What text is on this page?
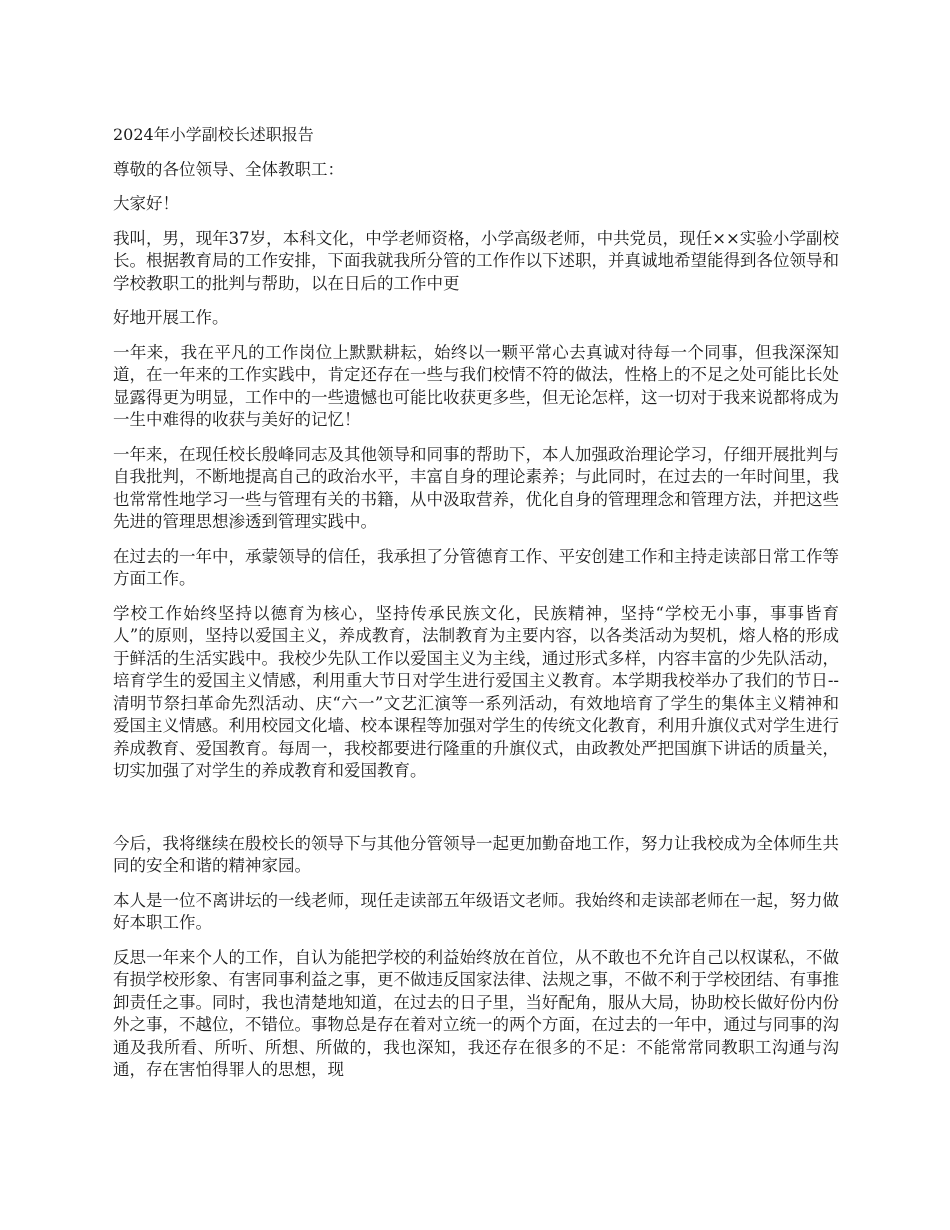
2024年小学副校长述职报告

尊敬的各位领导、全体教职工：

大家好！

我叫，男，现年37岁，本科文化，中学老师资格，小学高级老师，中共党员，现任××实验小学副校长。根据教育局的工作安排，下面我就我所分管的工作作以下述职，并真诚地希望能得到各位领导和学校教职工的批判与帮助，以在日后的工作中更

好地开展工作。

一年来，我在平凡的工作岗位上默默耕耘，始终以一颗平常心去真诚对待每一个同事，但我深深知道，在一年来的工作实践中，肯定还存在一些与我们校情不符的做法，性格上的不足之处可能比长处显露得更为明显，工作中的一些遗憾也可能比收获更多些，但无论怎样，这一切对于我来说都将成为一生中难得的收获与美好的记忆！

一年来，在现任校长殷峰同志及其他领导和同事的帮助下，本人加强政治理论学习，仔细开展批判与自我批判，不断地提高自己的政治水平，丰富自身的理论素养；与此同时，在过去的一年时间里，我也常常性地学习一些与管理有关的书籍，从中汲取营养，优化自身的管理理念和管理方法，并把这些先进的管理思想渗透到管理实践中。

在过去的一年中，承蒙领导的信任，我承担了分管德育工作、平安创建工作和主持走读部日常工作等方面工作。

学校工作始终坚持以德育为核心，坚持传承民族文化，民族精神，坚持“学校无小事，事事皆育人”的原则，坚持以爱国主义，养成教育，法制教育为主要内容，以各类活动为契机，熔人格的形成于鲜活的生活实践中。我校少先队工作以爱国主义为主线，通过形式多样，内容丰富的少先队活动，培育学生的爱国主义情感，利用重大节日对学生进行爱国主义教育。本学期我校举办了我们的节日--清明节祭扫革命先烈活动、庆“六一”文艺汇演等一系列活动，有效地培育了学生的集体主义精神和爱国主义情感。利用校园文化墙、校本课程等加强对学生的传统文化教育，利用升旗仪式对学生进行养成教育、爱国教育。每周一，我校都要进行隆重的升旗仪式，由政教处严把国旗下讲话的质量关，切实加强了对学生的养成教育和爱国教育。

今后，我将继续在殷校长的领导下与其他分管领导一起更加勤奋地工作，努力让我校成为全体师生共同的安全和谐的精神家园。

本人是一位不离讲坛的一线老师，现任走读部五年级语文老师。我始终和走读部老师在一起，努力做好本职工作。

反思一年来个人的工作，自认为能把学校的利益始终放在首位，从不敢也不允许自己以权谋私，不做有损学校形象、有害同事利益之事，更不做违反国家法律、法规之事，不做不利于学校团结、有事推卸责任之事。同时，我也清楚地知道，在过去的日子里，当好配角，服从大局，协助校长做好份内份外之事，不越位，不错位。事物总是存在着对立统一的两个方面，在过去的一年中，通过与同事的沟通及我所看、所听、所想、所做的，我也深知，我还存在很多的不足：不能常常同教职工沟通与沟通，存在害怕得罪人的思想，现
